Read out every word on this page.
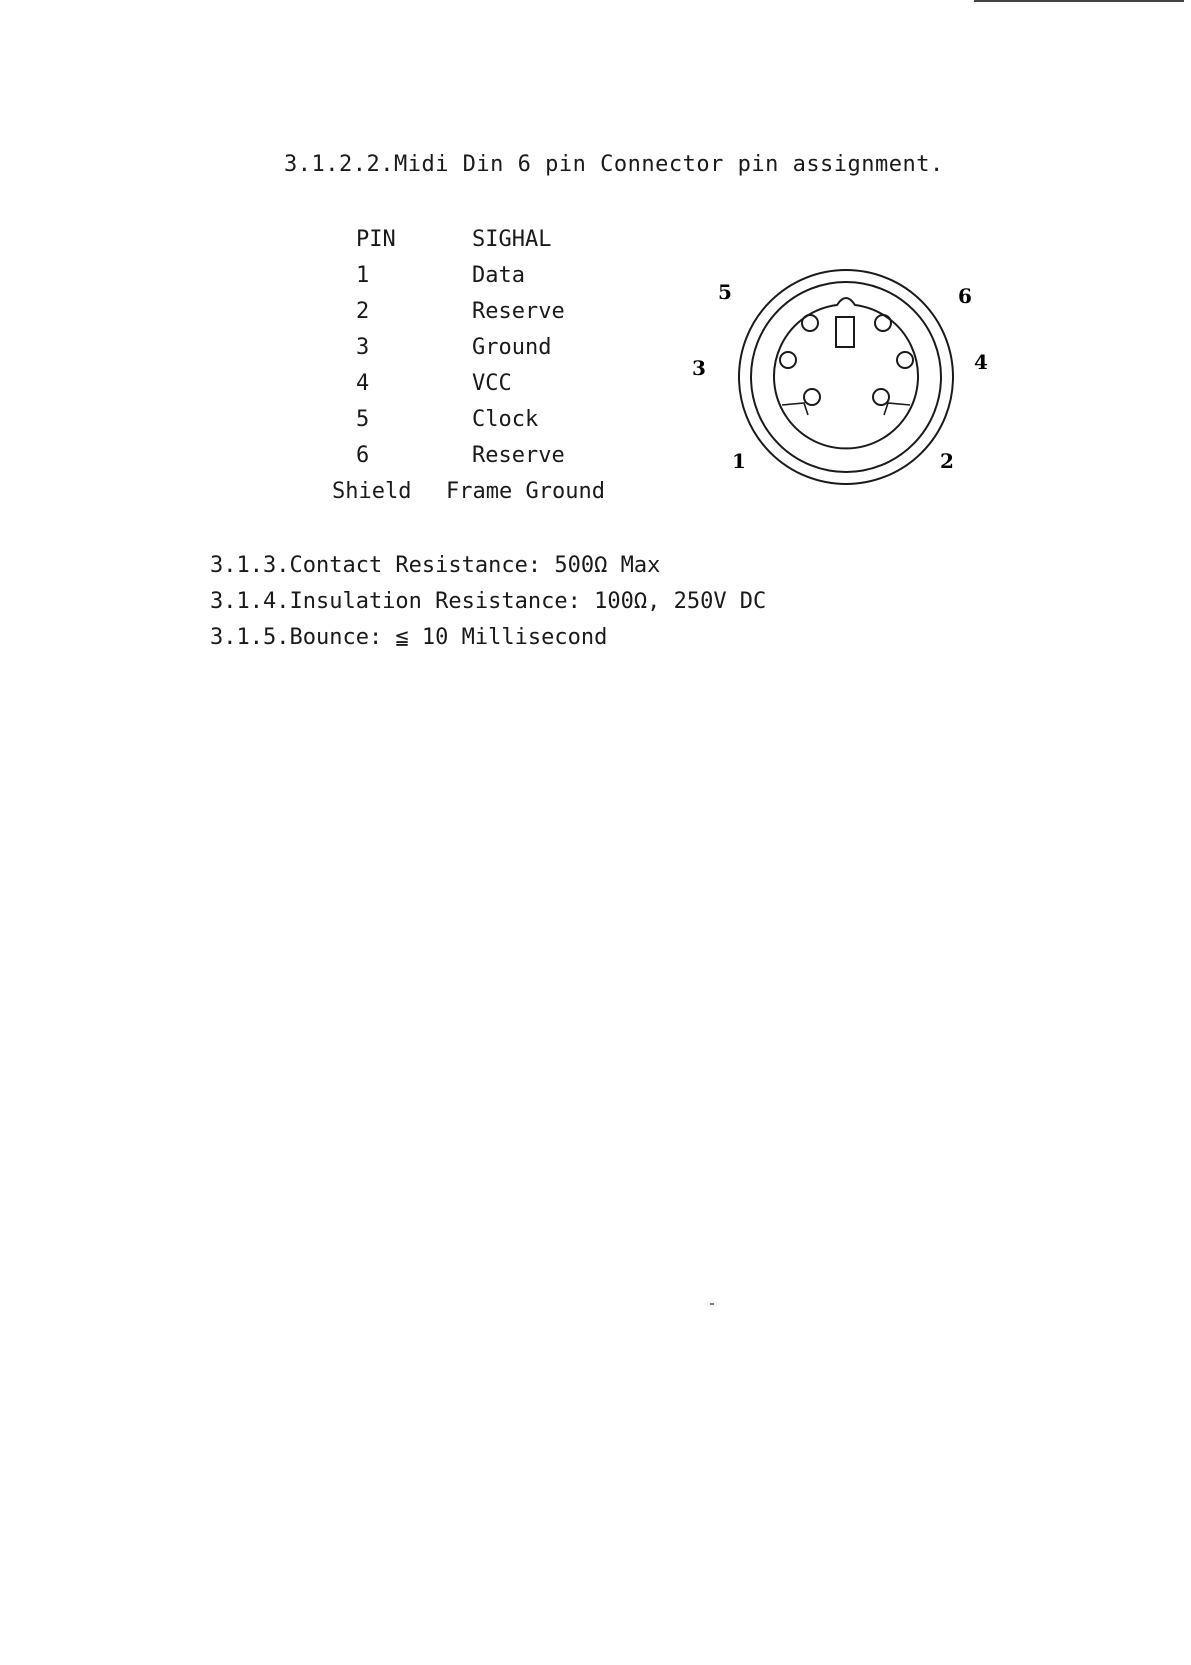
3.1.2.2.Midi Din 6 pin Connector pin assignment.
PIN	SIGHAL
1	Data
2	Reserve
3	Ground
4	VCC
5	Clock
6	Reserve
Shield	Frame Ground
5	6
3	4
1	2
3.1.3.Contact Resistance: 500Ω Max
3.1.4.Insulation Resistance: 100Ω, 250V DC
3.1.5.Bounce: ≦ 10 Millisecond
